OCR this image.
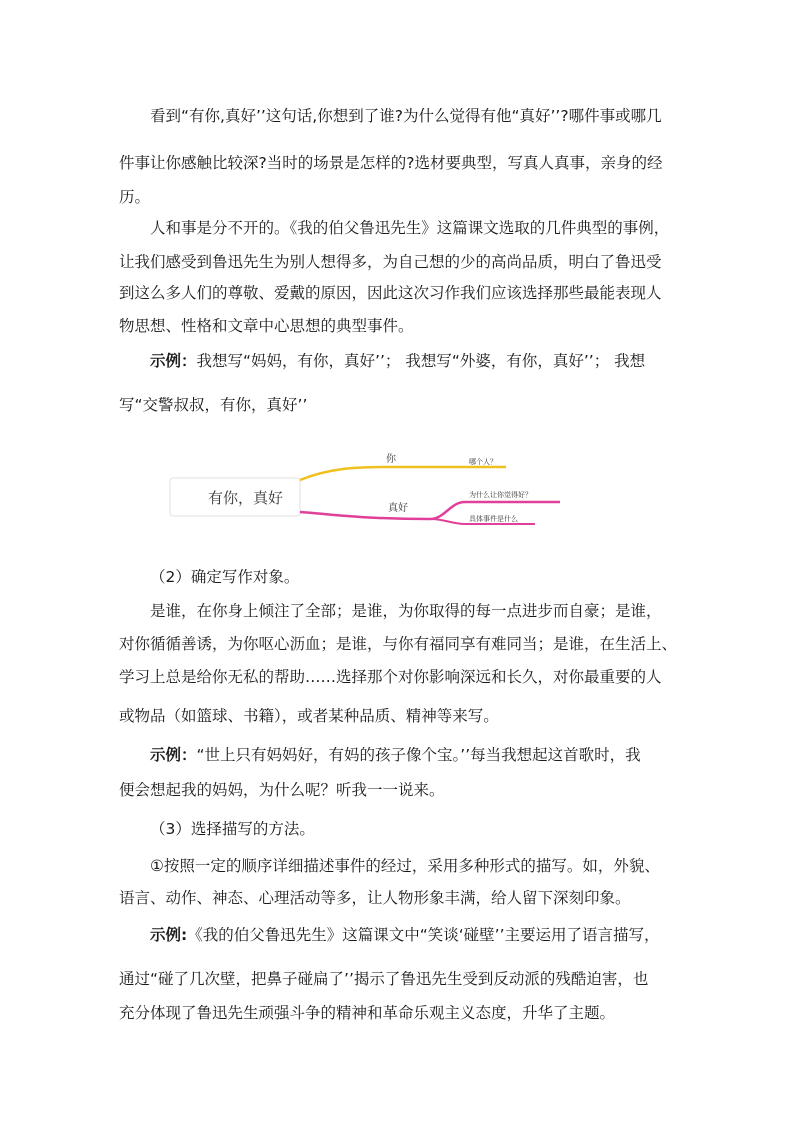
看到“有你,真好’’这句话,你想到了谁?为什么觉得有他“真好’’?哪件事或哪几
件事让你感触比较深?当时的场景是怎样的?选材要典型，写真人真事，亲身的经
历。
人和事是分不开的。《我的伯父鲁迅先生》这篇课文选取的几件典型的事例，
让我们感受到鲁迅先生为别人想得多，为自己想的少的高尚品质，明白了鲁迅受
到这么多人们的尊敬、爱戴的原因，因此这次习作我们应该选择那些最能表现人
物思想、性格和文章中心思想的典型事件。
示例：我想写“妈妈，有你，真好’’； 我想写“外婆，有你，真好’’； 我想
写“交警叔叔，有你，真好’’
有你，真好
你	哪个人？
真好
为什么让你觉得好？
具体事件是什么
（2）确定写作对象。
是谁，在你身上倾注了全部；是谁，为你取得的每一点进步而自豪；是谁，
对你循循善诱，为你呕心沥血；是谁，与你有福同享有难同当；是谁，在生活上、
学习上总是给你无私的帮助……选择那个对你影响深远和长久，对你最重要的人
或物品（如篮球、书籍），或者某种品质、精神等来写。
示例：“世上只有妈妈好，有妈的孩子像个宝。’’每当我想起这首歌时，我
便会想起我的妈妈，为什么呢？听我一一说来。
（3）选择描写的方法。
①按照一定的顺序详细描述事件的经过，采用多种形式的描写。如，外貌、
语言、动作、神态、心理活动等多，让人物形象丰满，给人留下深刻印象。
示例:《我的伯父鲁迅先生》这篇课文中“笑谈‘碰壁’’主要运用了语言描写，
通过“碰了几次壁，把鼻子碰扁了’’揭示了鲁迅先生受到反动派的残酷迫害，也
充分体现了鲁迅先生顽强斗争的精神和革命乐观主义态度，升华了主题。
